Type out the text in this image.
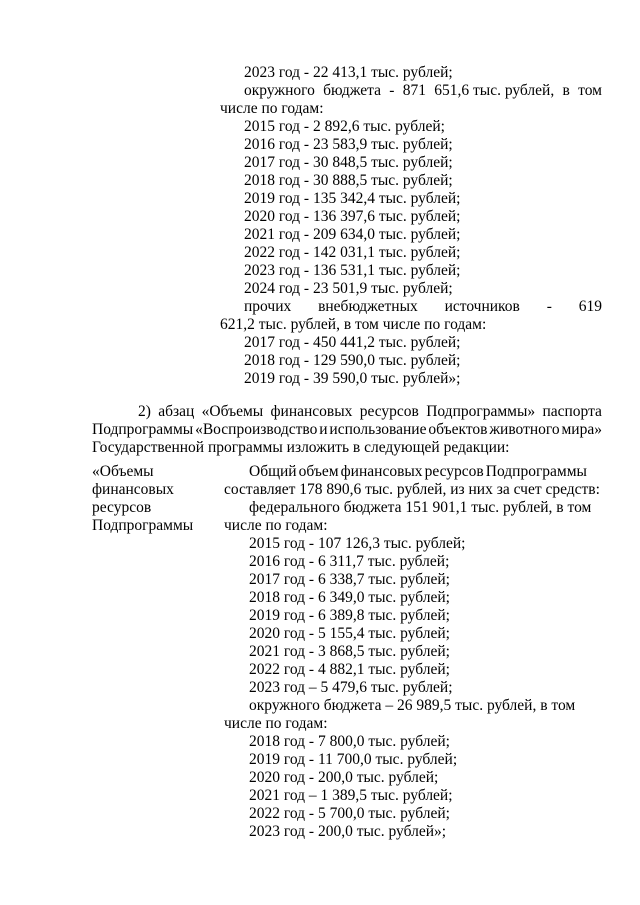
2023 год - 22 413,1 тыс. рублей;
окружного бюджета - 871 651,6 тыс. рублей, в том
числе по годам:
2015 год - 2 892,6 тыс. рублей;
2016 год - 23 583,9 тыс. рублей;
2017 год - 30 848,5 тыс. рублей;
2018 год - 30 888,5 тыс. рублей;
2019 год - 135 342,4 тыс. рублей;
2020 год - 136 397,6 тыс. рублей;
2021 год - 209 634,0 тыс. рублей;
2022 год - 142 031,1 тыс. рублей;
2023 год - 136 531,1 тыс. рублей;
2024 год - 23 501,9 тыс. рублей;
прочих внебюджетных источников - 619
621,2 тыс. рублей, в том числе по годам:
2017 год - 450 441,2 тыс. рублей;
2018 год - 129 590,0 тыс. рублей;
2019 год - 39 590,0 тыс. рублей»;
2) абзац «Объемы финансовых ресурсов Подпрограммы» паспорта
Подпрограммы «Воспроизводство и использование объектов животного мира»
Государственной программы изложить в следующей редакции:
«Объемы
финансовых
ресурсов
Подпрограммы
Общий объем финансовых ресурсов Подпрограммы
составляет 178 890,6 тыс. рублей, из них за счет средств:
федерального бюджета 151 901,1 тыс. рублей, в том
числе по годам:
2015 год - 107 126,3 тыс. рублей;
2016 год - 6 311,7 тыс. рублей;
2017 год - 6 338,7 тыс. рублей;
2018 год - 6 349,0 тыс. рублей;
2019 год - 6 389,8 тыс. рублей;
2020 год - 5 155,4 тыс. рублей;
2021 год - 3 868,5 тыс. рублей;
2022 год - 4 882,1 тыс. рублей;
2023 год – 5 479,6 тыс. рублей;
окружного бюджета – 26 989,5 тыс. рублей, в том
числе по годам:
2018 год - 7 800,0 тыс. рублей;
2019 год - 11 700,0 тыс. рублей;
2020 год - 200,0 тыс. рублей;
2021 год – 1 389,5 тыс. рублей;
2022 год - 5 700,0 тыс. рублей;
2023 год - 200,0 тыс. рублей»;
